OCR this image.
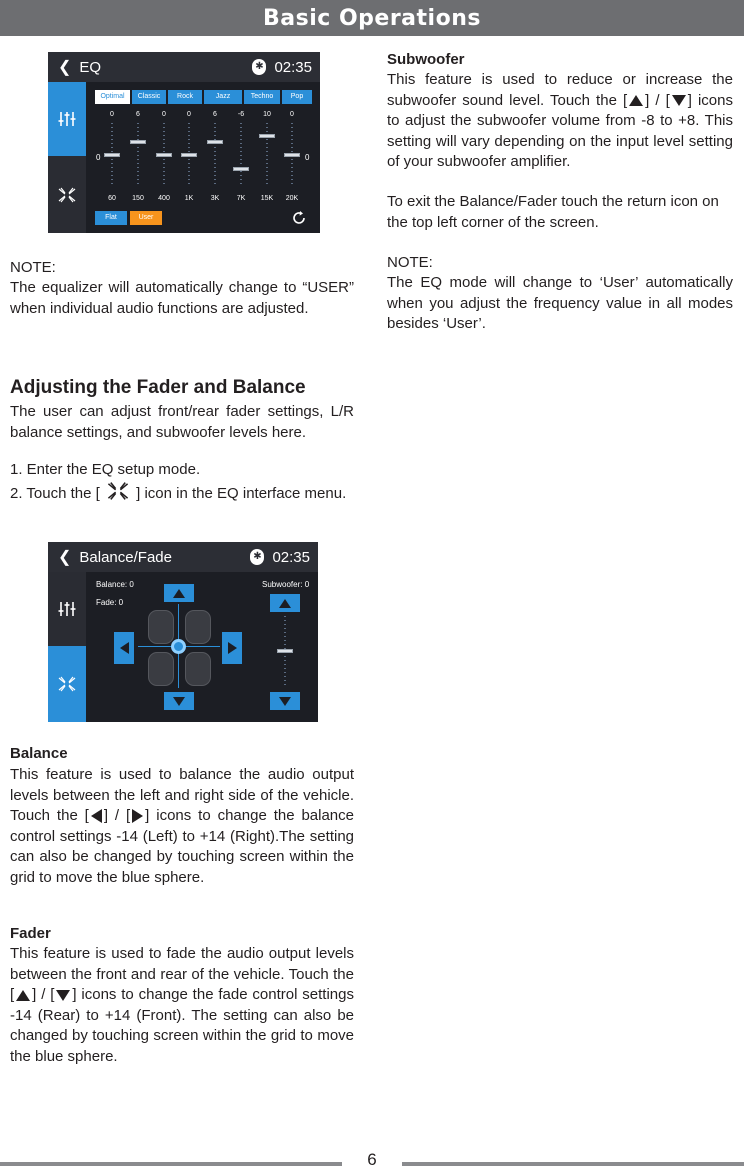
Basic Operations
❮ EQ	✱ 02:35
Optimal	Classic	Rock	Jazz	Techno	Pop
0	6	0	0	6	-6	10	0
0	0
60	150	400	1K	3K	7K	15K	20K
Flat	User
NOTE:
The equalizer will automatically change to “USER” when individual audio functions are adjusted.
Adjusting the Fader and Balance
The user can adjust front/rear fader settings, L/R balance settings, and subwoofer levels here.
1. Enter the EQ setup mode.
2. Touch the [ ] icon in the EQ interface menu.
❮ Balance/Fade	✱ 02:35
Balance: 0
Fade: 0
Subwoofer: 0
Balance
This feature is used to balance the audio output levels between the left and right side of the vehicle. Touch the [ ] / [ ] icons to change the balance control settings -14 (Left) to +14 (Right).The setting can also be changed by touching screen within the grid to move the blue sphere.
Fader
This feature is used to fade the audio output levels between the front and rear of the vehicle. Touch the [ ] / [ ] icons to change the fade control settings -14 (Rear) to +14 (Front). The setting can also be changed by touching screen within the grid to move the blue sphere.
Subwoofer
This feature is used to reduce or increase the subwoofer sound level. Touch the [ ] / [ ] icons to adjust the subwoofer volume from -8 to +8. This setting will vary depending on the input level setting of your subwoofer amplifier.
To exit the Balance/Fader touch the return icon on the top left corner of the screen.
NOTE:
The EQ mode will change to ‘User’ automatically when you adjust the frequency value in all modes besides ‘User’.
6
